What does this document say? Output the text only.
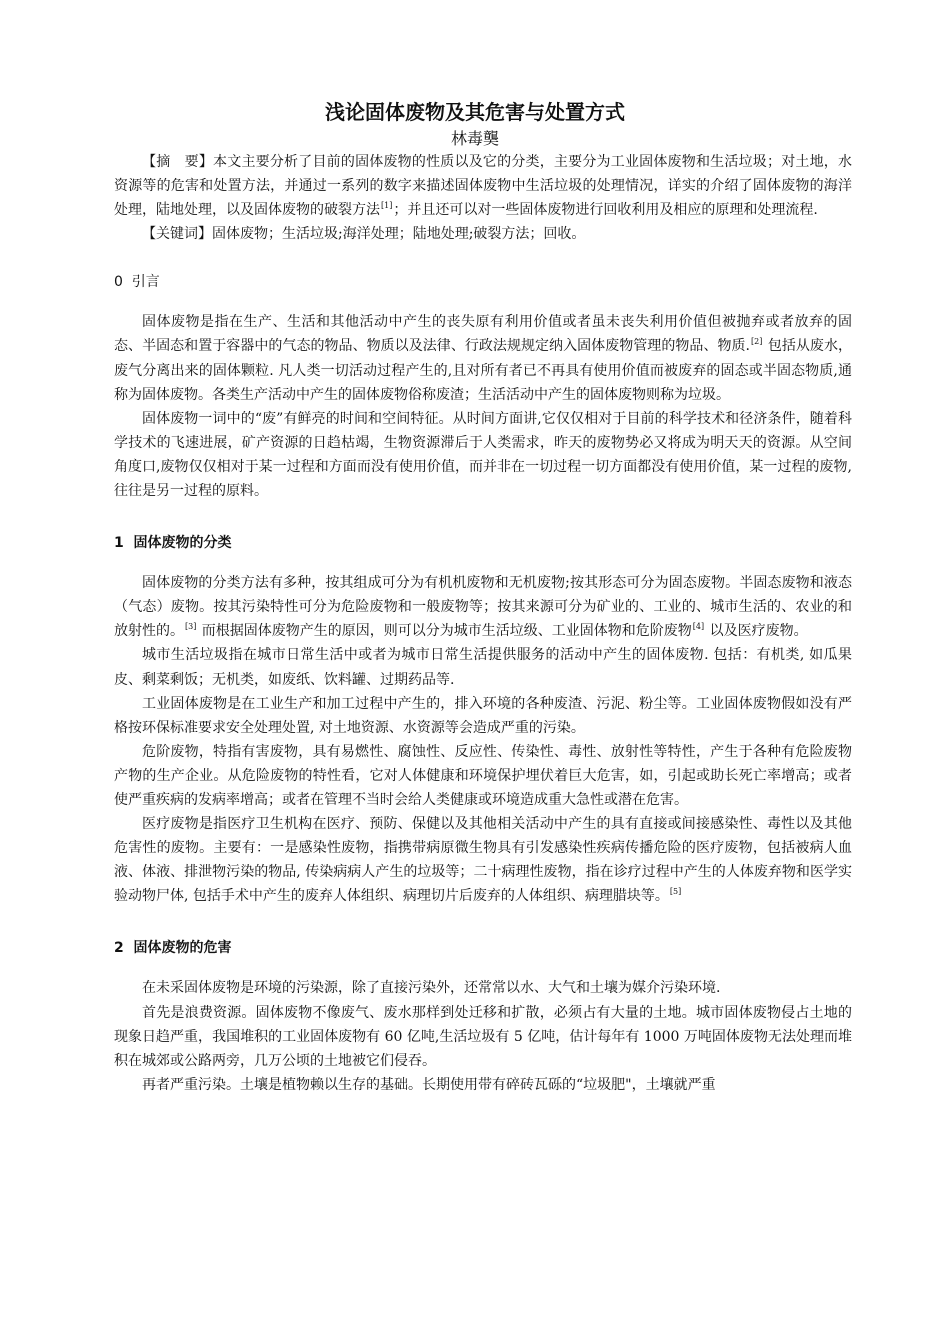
浅论固体废物及其危害与处置方式
林毒龑

【摘　要】本文主要分析了目前的固体废物的性质以及它的分类，主要分为工业固体废物和生活垃圾；对土地，水资源等的危害和处置方法，并通过一系列的数字来描述固体废物中生活垃圾的处理情况，详实的介绍了固体废物的海洋处理，陆地处理，以及固体废物的破裂方法[1]；并且还可以对一些固体废物进行回收利用及相应的原理和处理流程.

【关键词】固体废物；生活垃圾;海洋处理；陆地处理;破裂方法；回收。

0  引言

固体废物是指在生产、生活和其他活动中产生的丧失原有利用价值或者虽未丧失利用价值但被抛弃或者放弃的固态、半固态和置于容器中的气态的物品、物质以及法律、行政法规规定纳入固体废物管理的物品、物质.[2] 包括从废水，废气分离出来的固体颗粒. 凡人类一切活动过程产生的,且对所有者已不再具有使用价值而被废弃的固态或半固态物质,通称为固体废物。各类生产活动中产生的固体废物俗称废渣；生活活动中产生的固体废物则称为垃圾。

固体废物一词中的“废”有鲜亮的时间和空间特征。从时间方面讲,它仅仅相对于目前的科学技术和径济条件，随着科学技术的飞速进展，矿产资源的日趋枯竭，生物资源滞后于人类需求，昨天的废物势必又将成为明天天的资源。从空间角度口,废物仅仅相对于某一过程和方面而没有使用价值，而并非在一切过程一切方面都没有使用价值，某一过程的废物,往往是另一过程的原料。

1  固体废物的分类

固体废物的分类方法有多种，按其组成可分为有机机废物和无机废物;按其形态可分为固态废物。半固态废物和液态（气态）废物。按其污染特性可分为危险废物和一般废物等；按其来源可分为矿业的、工业的、城市生活的、农业的和放射性的。[3] 而根据固体废物产生的原因，则可以分为城市生活垃级、工业固体物和危阶废物[4] 以及医疗废物。

城市生活垃圾指在城市日常生活中或者为城市日常生活提供服务的活动中产生的固体废物. 包括：有机类, 如瓜果皮、剩菜剩饭；无机类，如废纸、饮料罐、过期药品等.

工业固体废物是在工业生产和加工过程中产生的，排入环境的各种废渣、污泥、粉尘等。工业固体废物假如没有严格按环保标准要求安全处理处置, 对土地资源、水资源等会造成严重的污染。

危阶废物，特指有害废物，具有易燃性、腐蚀性、反应性、传染性、毒性、放射性等特性，产生于各种有危险废物产物的生产企业。从危险废物的特性看，它对人体健康和环境保护埋伏着巨大危害，如，引起或助长死亡率增高；或者使严重疾病的发病率增高；或者在管理不当时会给人类健康或环境造成重大急性或潜在危害。

医疗废物是指医疗卫生机构在医疗、预防、保健以及其他相关活动中产生的具有直接或间接感染性、毒性以及其他危害性的废物。主要有：一是感染性废物，指携带病原微生物具有引发感染性疾病传播危险的医疗废物，包括被病人血液、体液、排泄物污染的物品, 传染病病人产生的垃圾等；二十病理性废物，指在诊疗过程中产生的人体废弃物和医学实验动物尸体, 包括手术中产生的废弃人体组织、病理切片后废弃的人体组织、病理腊块等。[5]

2  固体废物的危害

在未采固体废物是环境的污染源，除了直接污染外，还常常以水、大气和土壤为媒介污染环境.

首先是浪费资源。固体废物不像废气、废水那样到处迁移和扩散，必须占有大量的土地。城市固体废物侵占土地的现象日趋严重，我国堆积的工业固体废物有 60 亿吨,生活垃圾有 5 亿吨，估计每年有 1000 万吨固体废物无法处理而堆积在城郊或公路两旁，几万公顷的土地被它们侵吞。

再者严重污染。土壤是植物赖以生存的基础。长期使用带有碎砖瓦砾的“垃圾肥"，土壤就严重
